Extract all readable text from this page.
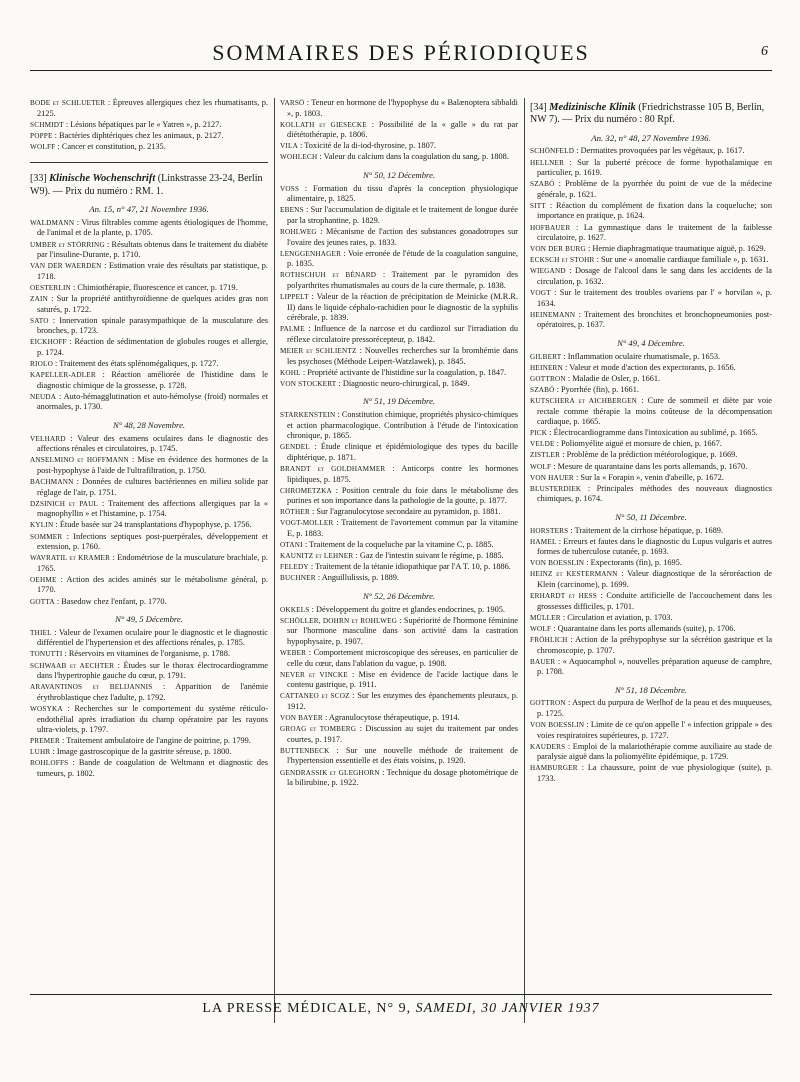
SOMMAIRES DES PÉRIODIQUES	6
BODE et SCHLUETER : Épreuves allergiques chez les rhumatisants, p. 2125.
SCHMIDT : Lésions hépatiques par le « Yatren », p. 2127.
POPPE : Bactéries diphtériques chez les animaux, p. 2127.
WOLFF : Cancer et constitution, p. 2135.
[33] Klinische Wochenschrift (Linkstrasse 23-24, Berlin W9). — Prix du numéro : RM. 1.
An. 15, n° 47, 21 Novembre 1936.
WALDMANN : Virus filtrables comme agents étiologiques de l'homme, de l'animal et de la plante, p. 1705.
UMBER et STÖRRING : Résultats obtenus dans le traitement du diabète par l'insuline-Durante, p. 1710.
VAN DER WAERDEN : Estimation vraie des résultats par statistique, p. 1718.
OESTERLIN : Chimiothérapie, fluorescence et cancer, p. 1719.
ZAIN : Sur la propriété antithyroïdienne de quelques acides gras non saturés, p. 1722.
SATO : Innervation spinale parasympathique de la musculature des bronches, p. 1723.
EICKHOFF : Réaction de sédimentation de globules rouges et allergie, p. 1724.
RIOLO : Traitement des états splénomégaliques, p. 1727.
KAPELLER-ADLER : Réaction améliorée de l'histidine dans le diagnostic chimique de la grossesse, p. 1728.
NEUDA : Auto-hémagglutination et auto-hémolyse (froid) normales et anormales, p. 1730.
N° 48, 28 Novembre.
VELHARD : Valeur des examens oculaires dans le diagnostic des affections rénales et circulatoires, p. 1745.
ANSELMINO et HOFFMANN : Mise en évidence des hormones de la post-hypophyse à l'aide de l'ultrafiltration, p. 1750.
BACHMANN : Données de cultures bactériennes en milieu solide par réglage de l'air, p. 1751.
DZSINICH et PAUL : Traitement des affections allergiques par la « magnophyllin » et l'histamine, p. 1754.
KYLIN : Étude basée sur 24 transplantations d'hypophyse, p. 1756.
SOMMER : Infections septiques post-puerpérales, développement et extension, p. 1760.
WAVRATIL et KRAMER : Endométriose de la musculature brachiale, p. 1765.
OEHME : Action des acides aminés sur le métabolisme général, p. 1770.
GOTTA : Basedow chez l'enfant, p. 1770.
N° 49, 5 Décembre.
THIEL : Valeur de l'examen oculaire pour le diagnostic et le diagnostic différentiel de l'hypertension et des affections rénales, p. 1785.
TONUTTI : Réservoirs en vitamines de l'organisme, p. 1788.
SCHWAAB et AECHTER : Études sur le thorax électrocardiogramme dans l'hypertrophie gauche du cœur, p. 1791.
ARAVANTINOS et BELIJANNIS : Apparition de l'anémie érythroblastique chez l'adulte, p. 1792.
WOSYKA : Recherches sur le comportement du système réticulo-endothélial après irradiation du champ opératoire par les rayons ultra-violets, p. 1797.
PREMER : Traitement ambulatoire de l'angine de poitrine, p. 1799.
LUHR : Image gastroscopique de la gastrite séreuse, p. 1800.
ROHLOFFS : Bande de coagulation de Weltmann et diagnostic des tumeurs, p. 1802.
VARSÖ : Teneur en hormone de l'hypophyse du « Balænoptera sibbaldi », p. 1803.
KOLLATH et GIESECKE : Possibilité de la « galle » du rat par diététothérapie, p. 1806.
VILA : Toxicité de la di-iod-thyrosine, p. 1807.
WOHLECH : Valeur du calcium dans la coagulation du sang, p. 1808.
N° 50, 12 Décembre.
VOSS : Formation du tissu d'après la conception physiologique alimentaire, p. 1825.
EBENS : Sur l'accumulation de digitale et le traitement de longue durée par la strophantine, p. 1829.
ROHLWEG : Mécanisme de l'action des substances gonadotropes sur l'ovaire des jeunes rates, p. 1833.
LENGGENHAGER : Voie erronée de l'étude de la coagulation sanguine, p. 1835.
ROTHSCHUH et BÉNARD : Traitement par le pyramidon des polyarthrites rhumatismales au cours de la cure thermale, p. 1838.
LIPPELT : Valeur de la réaction de précipitation de Meinicke (M.R.R. II) dans le liquide céphalo-rachidien pour le diagnostic de la syphilis cérébrale, p. 1839.
PALME : Influence de la narcose et du cardiozol sur l'irradiation du réflexe circulatoire pressorécepteur, p. 1842.
MEIER et SCHLIENTZ : Nouvelles recherches sur la bromhémie dans les psychoses (Méthode Leipert-Watzlawek), p. 1845.
KOHL : Propriété activante de l'histidine sur la coagulation, p. 1847.
VON STOCKERT : Diagnostic neuro-chirurgical, p. 1849.
N° 51, 19 Décembre.
STARKENSTEIN : Constitution chimique, propriétés physico-chimiques et action pharmacologique. Contribution à l'étude de l'intoxication chronique, p. 1865.
GENDEL : Étude clinique et épidémiologique des types du bacille diphtérique, p. 1871.
BRANDT et GOLDHAMMER : Anticorps contre les hormones lipidiques, p. 1875.
CHROMETZKA : Position centrale du foie dans le métabolisme des purines et son importance dans la pathologie de la goutte, p. 1877.
RÖTHER : Sur l'agranulocytose secondaire au pyramidon, p. 1881.
VOGT-MOLLER : Traitement de l'avortement commun par la vitamine E, p. 1883.
OTANI : Traitement de la coqueluche par la vitamine C, p. 1885.
KAUNITZ et LEHNER : Gaz de l'intestin suivant le régime, p. 1885.
FELEDY : Traitement de la tétanie idiopathique par l'A T. 10, p. 1886.
BUCHNER : Anguillulissis, p. 1889.
N° 52, 26 Décembre.
OKKELS : Développement du goitre et glandes endocrines, p. 1905.
SCHÖLLER, DOHRN et ROHLWEG : Supériorité de l'hormone féminine sur l'hormone masculine dans son activité dans la castration hypophysaire, p. 1907.
WEBER : Comportement microscopique des séreuses, en particulier de celle du cœur, dans l'ablation du vague, p. 1908.
NEVER et VINCKE : Mise en évidence de l'acide lactique dans le contenu gastrique, p. 1911.
CATTANEO et SCOZ : Sur les enzymes des épanchements pleuraux, p. 1912.
VON BAYER : Agranulocytose thérapeutique, p. 1914.
GROAG et TOMBERG : Discussion au sujet du traitement par ondes courtes, p. 1917.
BUTTENBECK : Sur une nouvelle méthode de traitement de l'hypertension essentielle et des états voisins, p. 1920.
GENDRASSIK et GLEGHORN : Technique du dosage photométrique de la bilirubine, p. 1922.
[34] Medizinische Klinik (Friedrichstrasse 105 B, Berlin, NW 7). — Prix du numéro : 80 Rpf.
An. 32, n° 48, 27 Novembre 1936.
SCHÖNFELD : Dermatites provoquées par les végétaux, p. 1617.
HELLNER : Sur la puberté précoce de forme hypothalamique en particulier, p. 1619.
SZABÓ : Problème de la pyorrhée du point de vue de la médecine générale, p. 1621.
SITT : Réaction du complément de fixation dans la coqueluche; son importance en pratique, p. 1624.
HOFBAUER : La gymnastique dans le traitement de la faiblesse circulatoire, p. 1627.
VON DER BURG : Hernie diaphragmatique traumatique aiguë, p. 1629.
ECKSCH et STOHR : Sur une « anomalie cardiaque familiale », p. 1631.
WIEGAND : Dosage de l'alcool dans le sang dans les accidents de la circulation, p. 1632.
VOGT : Sur le traitement des troubles ovariens par l' « horvilan », p. 1634.
HEINEMANN : Traitement des bronchites et bronchopneumonies post-opératoires, p. 1637.
N° 49, 4 Décembre.
GILBERT : Inflammation oculaire rhumatismale, p. 1653.
HEINERN : Valeur et mode d'action des expectorants, p. 1656.
GOTTRON : Maladie de Osler, p. 1661.
SZABÓ : Pyorrhée (fin), p. 1661.
KUTSCHERA et AICHBERGEN : Cure de sommeil et diète par voie rectale comme thérapie la moins coûteuse de la décompensation cardiaque, p. 1665.
PICK : Électrocardiogramme dans l'intoxication au sublimé, p. 1665.
VELDE : Poliomyélite aiguë et morsure de chien, p. 1667.
ZISTLER : Problème de la prédiction météorologique, p. 1669.
WOLF : Mesure de quarantaine dans les ports allemands, p. 1670.
VON HAUER : Sur la « Forapin », venin d'abeille, p. 1672.
BLUSTERDIEK : Principales méthodes des nouveaux diagnostics chimiques, p. 1674.
N° 50, 11 Décembre.
HORSTERS : Traitement de la cirrhose hépatique, p. 1689.
HAMEL : Erreurs et fautes dans le diagnostic du Lupus vulgaris et autres formes de tuberculose cutanée, p. 1693.
VON BOESSLIN : Expectorants (fin), p. 1695.
HEINZ et KESTERMANN : Valeur diagnostique de la séroréaction de Klein (carcinome), p. 1699.
ERHARDT et HESS : Conduite artificielle de l'accouchement dans les grossesses difficiles, p. 1701.
MÜLLER : Circulation et aviation, p. 1703.
WOLF : Quarantaine dans les ports allemands (suite), p. 1706.
FRÖHLICH : Action de la préhypophyse sur la sécrétion gastrique et la chromoscopie, p. 1707.
BAUER : « Aquocamphol », nouvelles préparation aqueuse de camphre, p. 1708.
N° 51, 18 Décembre.
GOTTRON : Aspect du purpura de Werlhof de la peau et des muqueuses, p. 1725.
VON BOESSLIN : Limite de ce qu'on appelle l' « infection grippale » des voies respiratoires supérieures, p. 1727.
KAUDERS : Emploi de la malariothérapie comme auxiliaire au stade de paralysie aiguë dans la poliomyélite épidémique, p. 1729.
HAMBURGER : La chaussure, point de vue physiologique (suite), p. 1733.
LA PRESSE MÉDICALE, N° 9, SAMEDI, 30 JANVIER 1937
